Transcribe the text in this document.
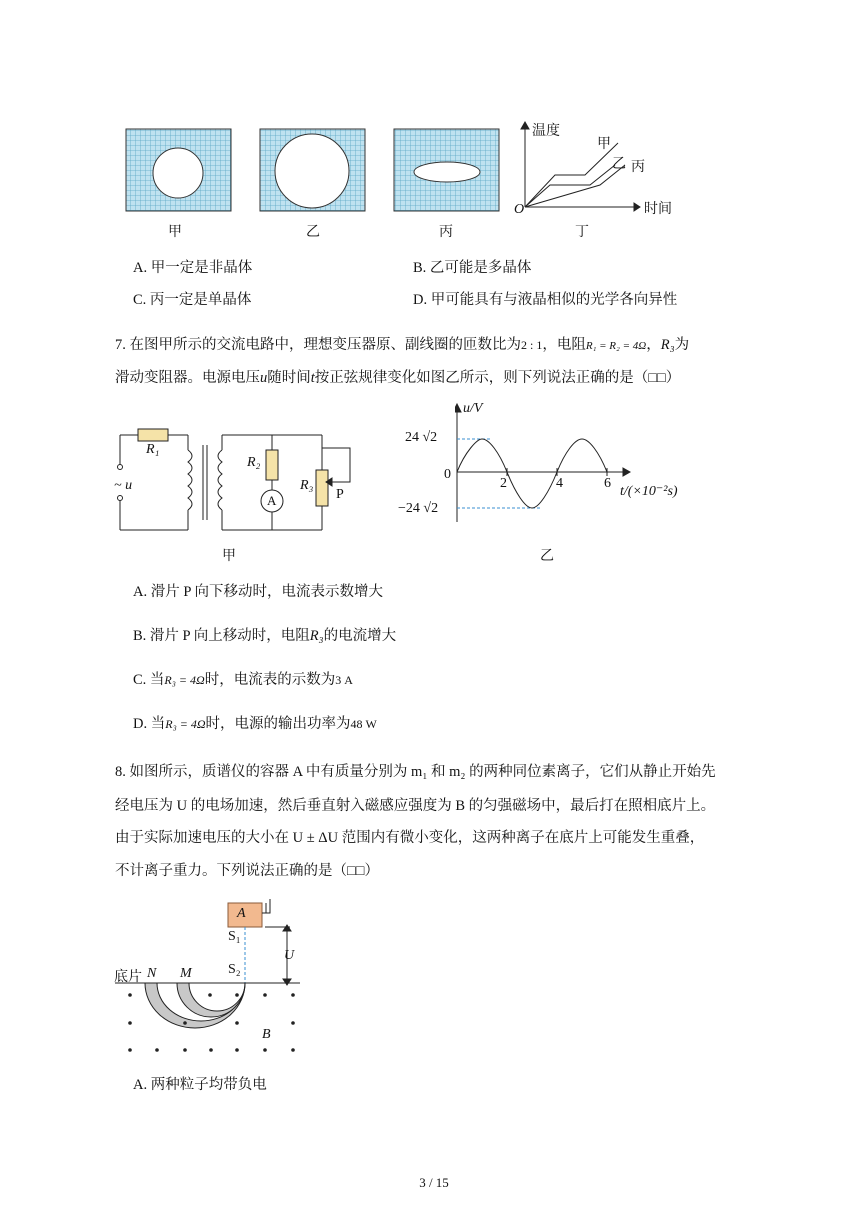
温度
时间
O
甲
乙 丙
甲	乙	丙	丁
A. 甲一定是非晶体	B. 乙可能是多晶体
C. 丙一定是单晶体	D. 甲可能具有与液晶相似的光学各向异性
7. 在图甲所示的交流电路中，理想变压器原、副线圈的匝数比为2 : 1，电阻R₁ = R₂ = 4Ω，R₃为
滑动变阻器。电源电压u随时间t按正弦规律变化如图乙所示，则下列说法正确的是（□□）
R₁
R₂
A
R₃
P
~ u
甲
u/V
24 √2
0
−24 √2
2	4	6
t/(×10⁻²s)
乙
A. 滑片 P 向下移动时，电流表示数增大
B. 滑片 P 向上移动时，电阻R₃的电流增大
C. 当R₃ = 4Ω时，电流表的示数为3 A
D. 当R₃ = 4Ω时，电源的输出功率为48 W
8. 如图所示，质谱仪的容器 A 中有质量分别为 m₁ 和 m₂ 的两种同位素离子，它们从静止开始先
经电压为 U 的电场加速，然后垂直射入磁感应强度为 B 的匀强磁场中，最后打在照相底片上。
由于实际加速电压的大小在 U ± ΔU 范围内有微小变化，这两种离子在底片上可能发生重叠，
不计离子重力。下列说法正确的是（□□）
A
S₁
S₂
U
底片 N M
B
A. 两种粒子均带负电
3 / 15
